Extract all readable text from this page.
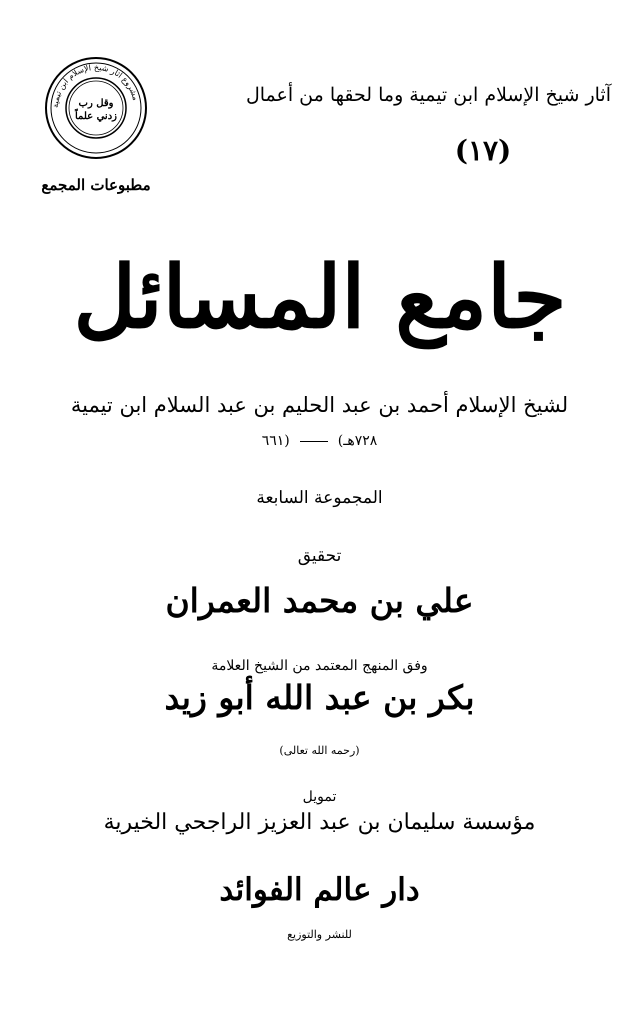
مشروع آثار شيخ الإسلام ابن تيمية
وقل رب
زدني علماً
مطبوعات المجمع
آثار شيخ الإسلام ابن تيمية وما لحقها من أعمال
(١٧)
جامع المسائل
لشيخ الإسلام أحمد بن عبد الحليم بن عبد السلام ابن تيمية
٧٢٨هـ)(٦٦١
المجموعة السابعة
تحقيق
علي بن محمد العمران
وفق المنهج المعتمد من الشيخ العلامة
بكر بن عبد الله أبو زيد
(رحمه الله تعالى)
تمويل
مؤسسة سليمان بن عبد العزيز الراجحي الخيرية
دار عالم الفوائد
للنشر والتوزيع
